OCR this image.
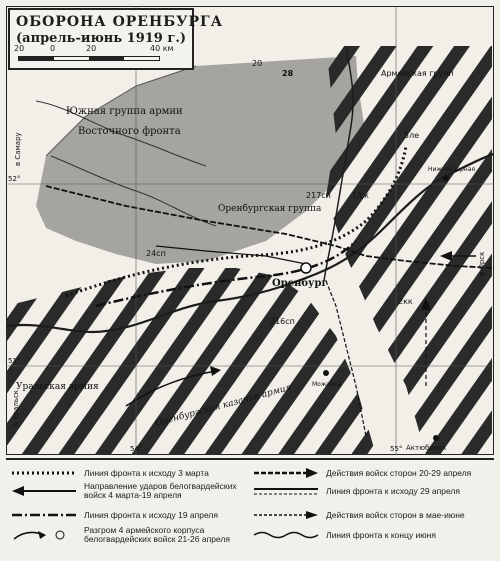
Южная группа армии
Восточного фронта
Армейская групп
Оренбургская группа
Оренбург
Уральская армия	Оренбургская казачья армия
в Самару
в Уральск
в Орск
Актюбинск
Нижнеозерная
Можайка
52°
51°
54°	55°
28
24сп
217сп
216сп
2кк
5ле
1/ск
20
ОБОРОНА ОРЕНБУРГА
(апрель-июнь 1919 г.)
20	0	20	40 км
Линия фронта к исходу 3 марта
Направление ударов белогвардейских войск 4 марта-19 апреля
Линия фронта к исходу 19 апреля
Разгром 4 армейского корпуса белогвардейских войск 21-26 апреля
Действия войск сторон 20-29 апреля
Линия фронта к исходу 29 апреля
Действия войск сторон в мае-июне
Линия фронта к концу июня
